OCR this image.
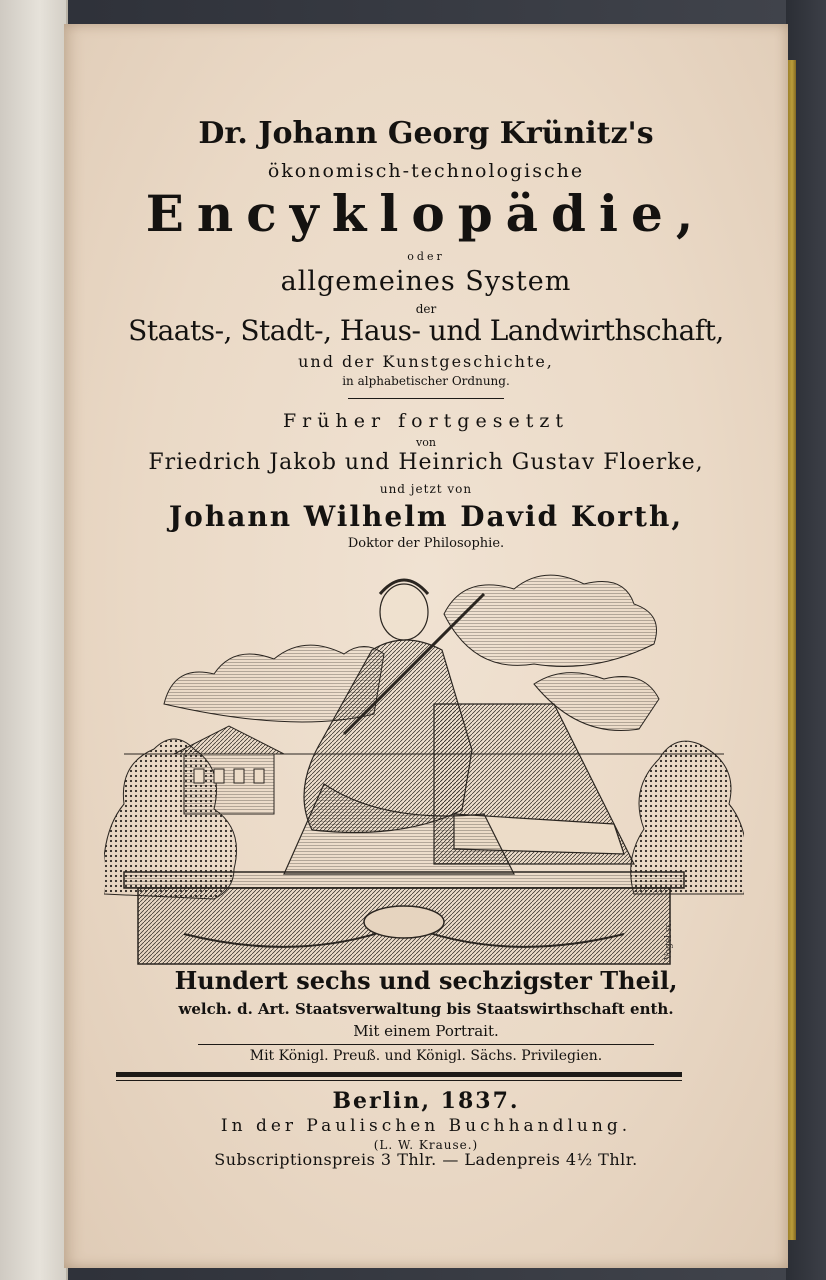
Dr. Johann Georg Krünitz's
ökonomisch-technologische
Encyklopädie,
oder
allgemeines System
der
Staats-, Stadt-, Haus- und Landwirthschaft,
und der Kunstgeschichte,
in alphabetischer Ordnung.
Früher fortgesetzt
von
Friedrich Jakob und Heinrich Gustav Floerke,
und jetzt von
Johann Wilhelm David Korth,
Doktor der Philosophie.
Vogel sc.
Hundert sechs und sechzigster Theil,
welch. d. Art. Staatsverwaltung bis Staatswirthschaft enth.
Mit einem Portrait.
Mit Königl. Preuß. und Königl. Sächs. Privilegien.
Berlin, 1837.
In der Paulischen Buchhandlung.
(L. W. Krause.)
Subscriptionspreis 3 Thlr. — Ladenpreis 4½ Thlr.
